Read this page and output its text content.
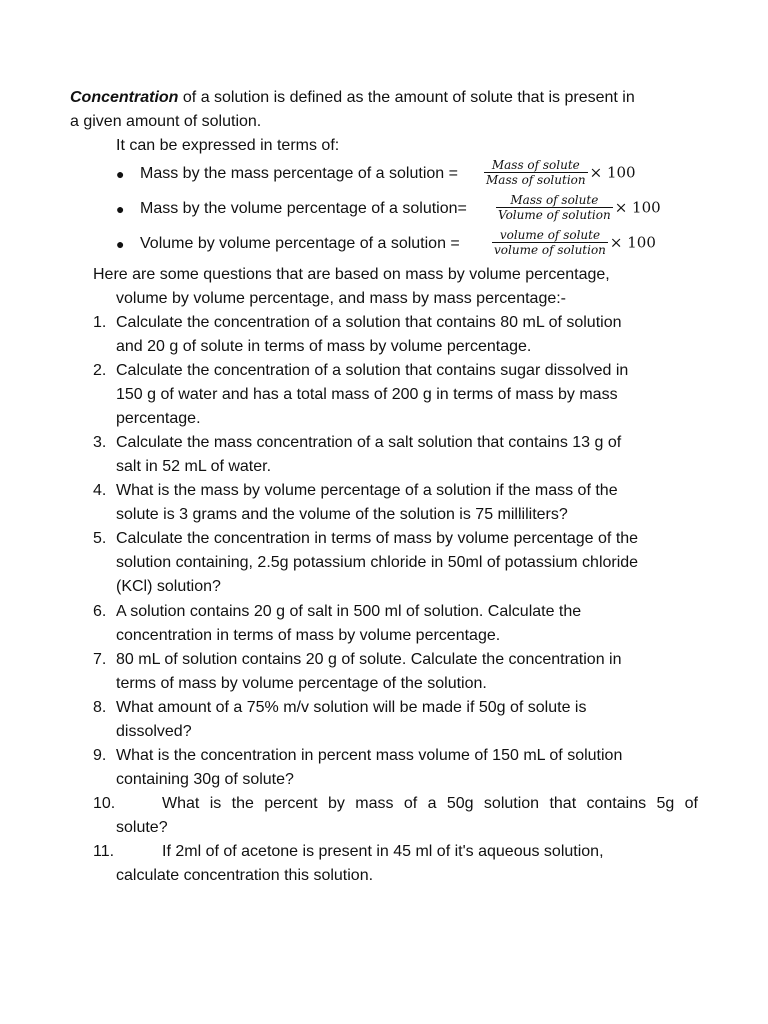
Concentration of a solution is defined as the amount of solute that is present in
a given amount of solution.
It can be expressed in terms of:
● Mass by the mass percentage of a solution = $\frac{\text{Mass of solute}}{\text{Mass of solution}} \times 100$
● Mass by the volume percentage of a solution= $\frac{\text{Mass of solute}}{\text{Volume of solution}} \times 100$
● Volume by volume percentage of a solution =	$\frac{\text{volume of solute}}{\text{volume of solution}} \times 100$
Here are some questions that are based on mass by volume percentage,
volume by volume percentage, and mass by mass percentage:-
1. Calculate the concentration of a solution that contains 80 mL of solution
and 20 g of solute in terms of mass by volume percentage.
2. Calculate the concentration of a solution that contains sugar dissolved in
150 g of water and has a total mass of 200 g in terms of mass by mass
percentage.
3. Calculate the mass concentration of a salt solution that contains 13 g of
salt in 52 mL of water.
4. What is the mass by volume percentage of a solution if the mass of the
solute is 3 grams and the volume of the solution is 75 milliliters?
5. Calculate the concentration in terms of mass by volume percentage of the
solution containing, 2.5g potassium chloride in 50ml of potassium chloride
(KCl) solution?
6. A solution contains 20 g of salt in 500 ml of solution. Calculate the
concentration in terms of mass by volume percentage.
7. 80 mL of solution contains 20 g of solute. Calculate the concentration in
terms of mass by volume percentage of the solution.
8. What amount of a 75% m/v solution will be made if 50g of solute is
dissolved?
9. What is the concentration in percent mass volume of 150 mL of solution
containing 30g of solute?
10.	What is the percent by mass of a 50g solution that contains 5g of
solute?
11.	If 2ml of of acetone is present in 45 ml of it's aqueous solution,
calculate concentration this solution.
